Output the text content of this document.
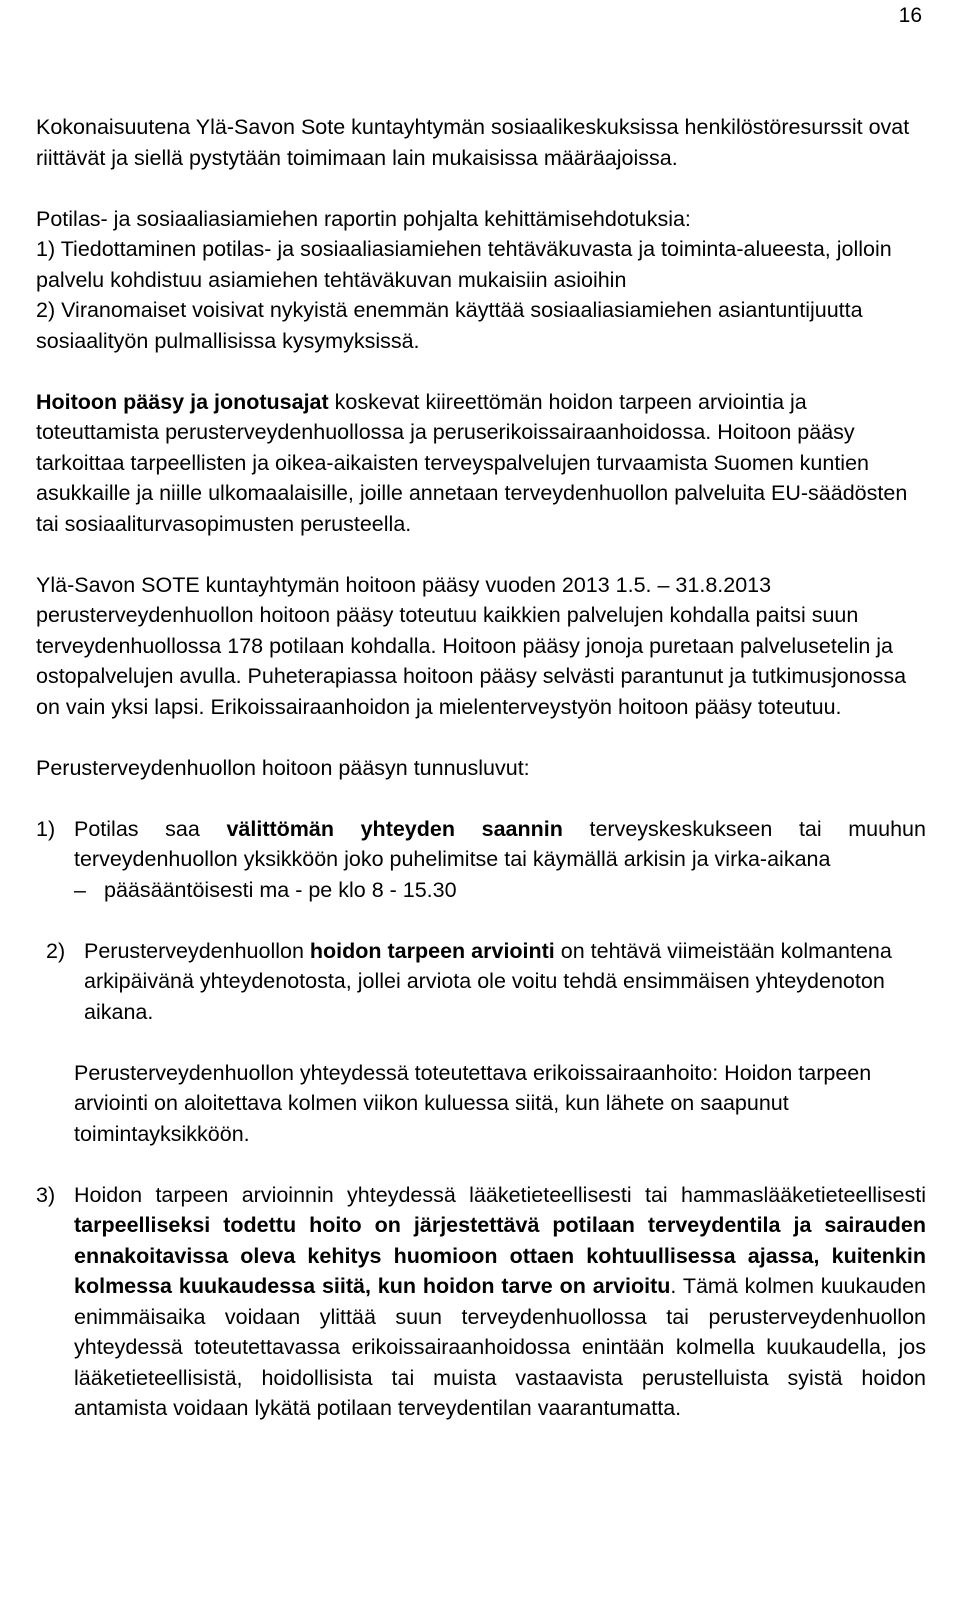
16

Kokonaisuutena Ylä-Savon Sote kuntayhtymän sosiaalikeskuksissa henkilöstöresurssit ovat riittävät ja siellä pystytään toimimaan lain mukaisissa määräajoissa.

Potilas- ja sosiaaliasiamiehen raportin pohjalta kehittämisehdotuksia:
1) Tiedottaminen potilas- ja sosiaaliasiamiehen tehtäväkuvasta ja toiminta-alueesta, jolloin palvelu kohdistuu asiamiehen tehtäväkuvan mukaisiin asioihin
2) Viranomaiset voisivat nykyistä enemmän käyttää sosiaaliasiamiehen asiantuntijuutta sosiaalityön pulmallisissa kysymyksissä.

Hoitoon pääsy ja jonotusajat koskevat kiireettömän hoidon tarpeen arviointia ja toteuttamista perusterveydenhuollossa ja peruserikoissairaanhoidossa. Hoitoon pääsy tarkoittaa tarpeellisten ja oikea-aikaisten terveyspalvelujen turvaamista Suomen kuntien asukkaille ja niille ulkomaalaisille, joille annetaan terveydenhuollon palveluita EU-säädösten tai sosiaaliturvasopimusten perusteella.

Ylä-Savon SOTE kuntayhtymän hoitoon pääsy vuoden 2013 1.5. – 31.8.2013 perusterveydenhuollon hoitoon pääsy toteutuu kaikkien palvelujen kohdalla paitsi suun terveydenhuollossa 178 potilaan kohdalla. Hoitoon pääsy jonoja puretaan palvelusetelin ja ostopalvelujen avulla. Puheterapiassa hoitoon pääsy selvästi parantunut ja tutkimusjonossa on vain yksi lapsi. Erikoissairaanhoidon ja mielenterveystyön hoitoon pääsy toteutuu.

Perusterveydenhuollon hoitoon pääsyn tunnusluvut:

1) Potilas saa välittömän yhteyden saannin terveyskeskukseen tai muuhun terveydenhuollon yksikköön joko puhelimitse tai käymällä arkisin ja virka-aikana
– pääsääntöisesti ma - pe klo 8 - 15.30
2) Perusterveydenhuollon hoidon tarpeen arviointi on tehtävä viimeistään kolmantena arkipäivänä yhteydenotosta, jollei arviota ole voitu tehdä ensimmäisen yhteydenoton aikana.
Perusterveydenhuollon yhteydessä toteutettava erikoissairaanhoito: Hoidon tarpeen arviointi on aloitettava kolmen viikon kuluessa siitä, kun lähete on saapunut toimintayksikköön.
3) Hoidon tarpeen arvioinnin yhteydessä lääketieteellisesti tai hammaslääketieteellisesti tarpeelliseksi todettu hoito on järjestettävä potilaan terveydentila ja sairauden ennakoitavissa oleva kehitys huomioon ottaen kohtuullisessa ajassa, kuitenkin kolmessa kuukaudessa siitä, kun hoidon tarve on arvioitu. Tämä kolmen kuukauden enimmäisaika voidaan ylittää suun terveydenhuollossa tai perusterveydenhuollon yhteydessä toteutettavassa erikoissairaanhoidossa enintään kolmella kuukaudella, jos lääketieteellisistä, hoidollisista tai muista vastaavista perustelluista syistä hoidon antamista voidaan lykätä potilaan terveydentilan vaarantumatta.
